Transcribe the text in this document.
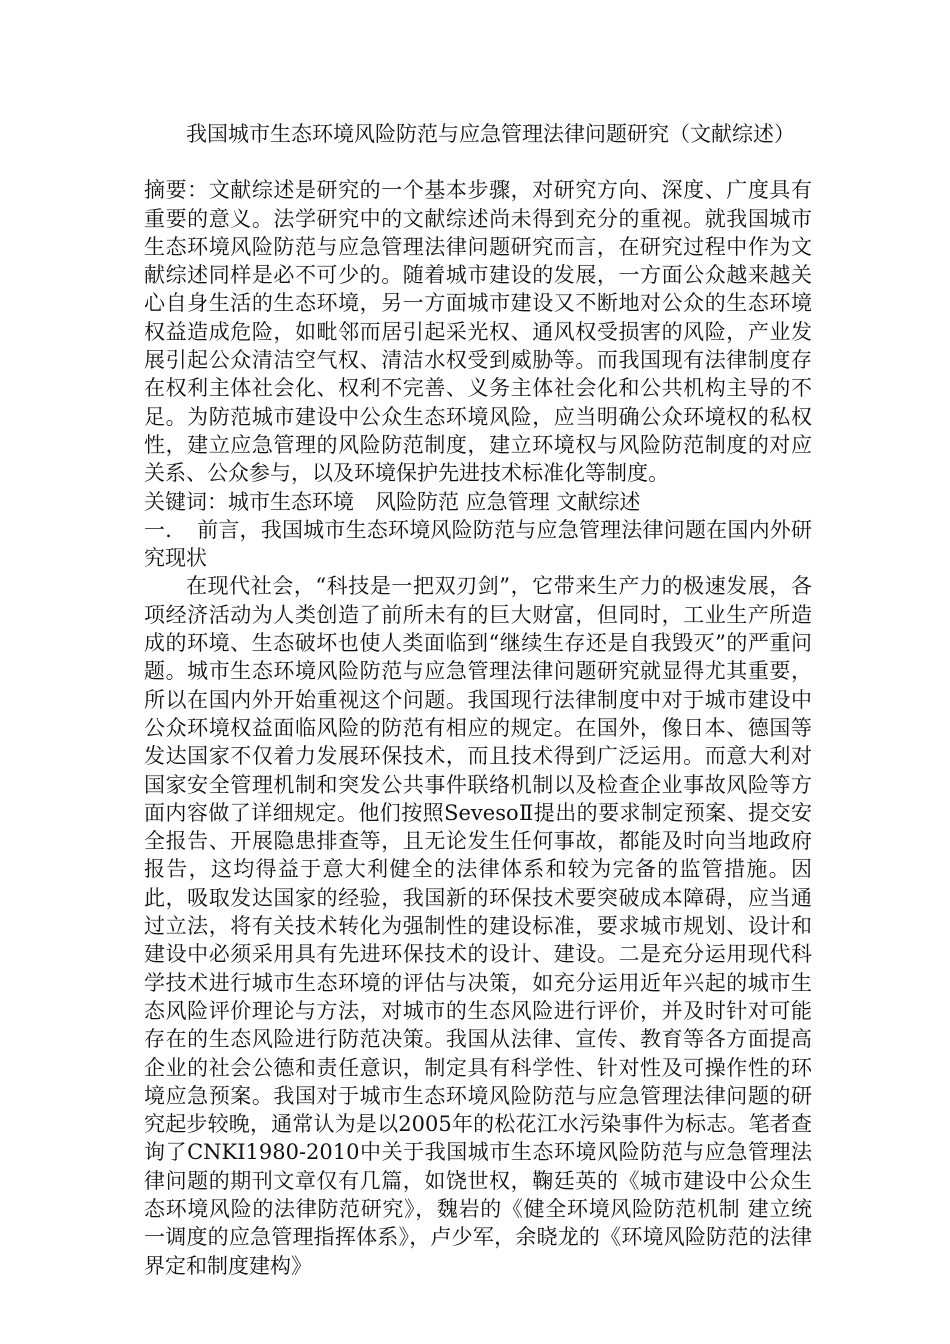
我国城市生态环境风险防范与应急管理法律问题研究（文献综述）

摘要：文献综述是研究的一个基本步骤，对研究方向、深度、广度具有重要的意义。法学研究中的文献综述尚未得到充分的重视。就我国城市生态环境风险防范与应急管理法律问题研究而言，在研究过程中作为文献综述同样是必不可少的。随着城市建设的发展，一方面公众越来越关心自身生活的生态环境，另一方面城市建设又不断地对公众的生态环境权益造成危险，如毗邻而居引起采光权、通风权受损害的风险，产业发展引起公众清洁空气权、清洁水权受到威胁等。而我国现有法律制度存在权利主体社会化、权利不完善、义务主体社会化和公共机构主导的不足。为防范城市建设中公众生态环境风险，应当明确公众环境权的私权性，建立应急管理的风险防范制度，建立环境权与风险防范制度的对应关系、公众参与，以及环境保护先进技术标准化等制度。

关键词：城市生态环境　风险防范 应急管理 文献综述

一．　前言，我国城市生态环境风险防范与应急管理法律问题在国内外研究现状

在现代社会，“科技是一把双刃剑”，它带来生产力的极速发展，各项经济活动为人类创造了前所未有的巨大财富，但同时，工业生产所造成的环境、生态破坏也使人类面临到“继续生存还是自我毁灭”的严重问题。城市生态环境风险防范与应急管理法律问题研究就显得尤其重要，所以在国内外开始重视这个问题。我国现行法律制度中对于城市建设中公众环境权益面临风险的防范有相应的规定。在国外，像日本、德国等发达国家不仅着力发展环保技术，而且技术得到广泛运用。而意大利对国家安全管理机制和突发公共事件联络机制以及检查企业事故风险等方面内容做了详细规定。他们按照SevesoⅡ提出的要求制定预案、提交安全报告、开展隐患排查等，且无论发生任何事故，都能及时向当地政府报告，这均得益于意大利健全的法律体系和较为完备的监管措施。因此，吸取发达国家的经验，我国新的环保技术要突破成本障碍，应当通过立法，将有关技术转化为强制性的建设标准，要求城市规划、设计和建设中必须采用具有先进环保技术的设计、建设。二是充分运用现代科学技术进行城市生态环境的评估与决策，如充分运用近年兴起的城市生态风险评价理论与方法，对城市的生态风险进行评价，并及时针对可能存在的生态风险进行防范决策。我国从法律、宣传、教育等各方面提高企业的社会公德和责任意识，制定具有科学性、针对性及可操作性的环境应急预案。我国对于城市生态环境风险防范与应急管理法律问题的研究起步较晚，通常认为是以2005年的松花江水污染事件为标志。笔者查询了CNKI1980-2010中关于我国城市生态环境风险防范与应急管理法律问题的期刊文章仅有几篇，如饶世权，鞠廷英的《城市建设中公众生态环境风险的法律防范研究》，魏岩的《健全环境风险防范机制 建立统一调度的应急管理指挥体系》，卢少军，余晓龙的《环境风险防范的法律界定和制度建构》
